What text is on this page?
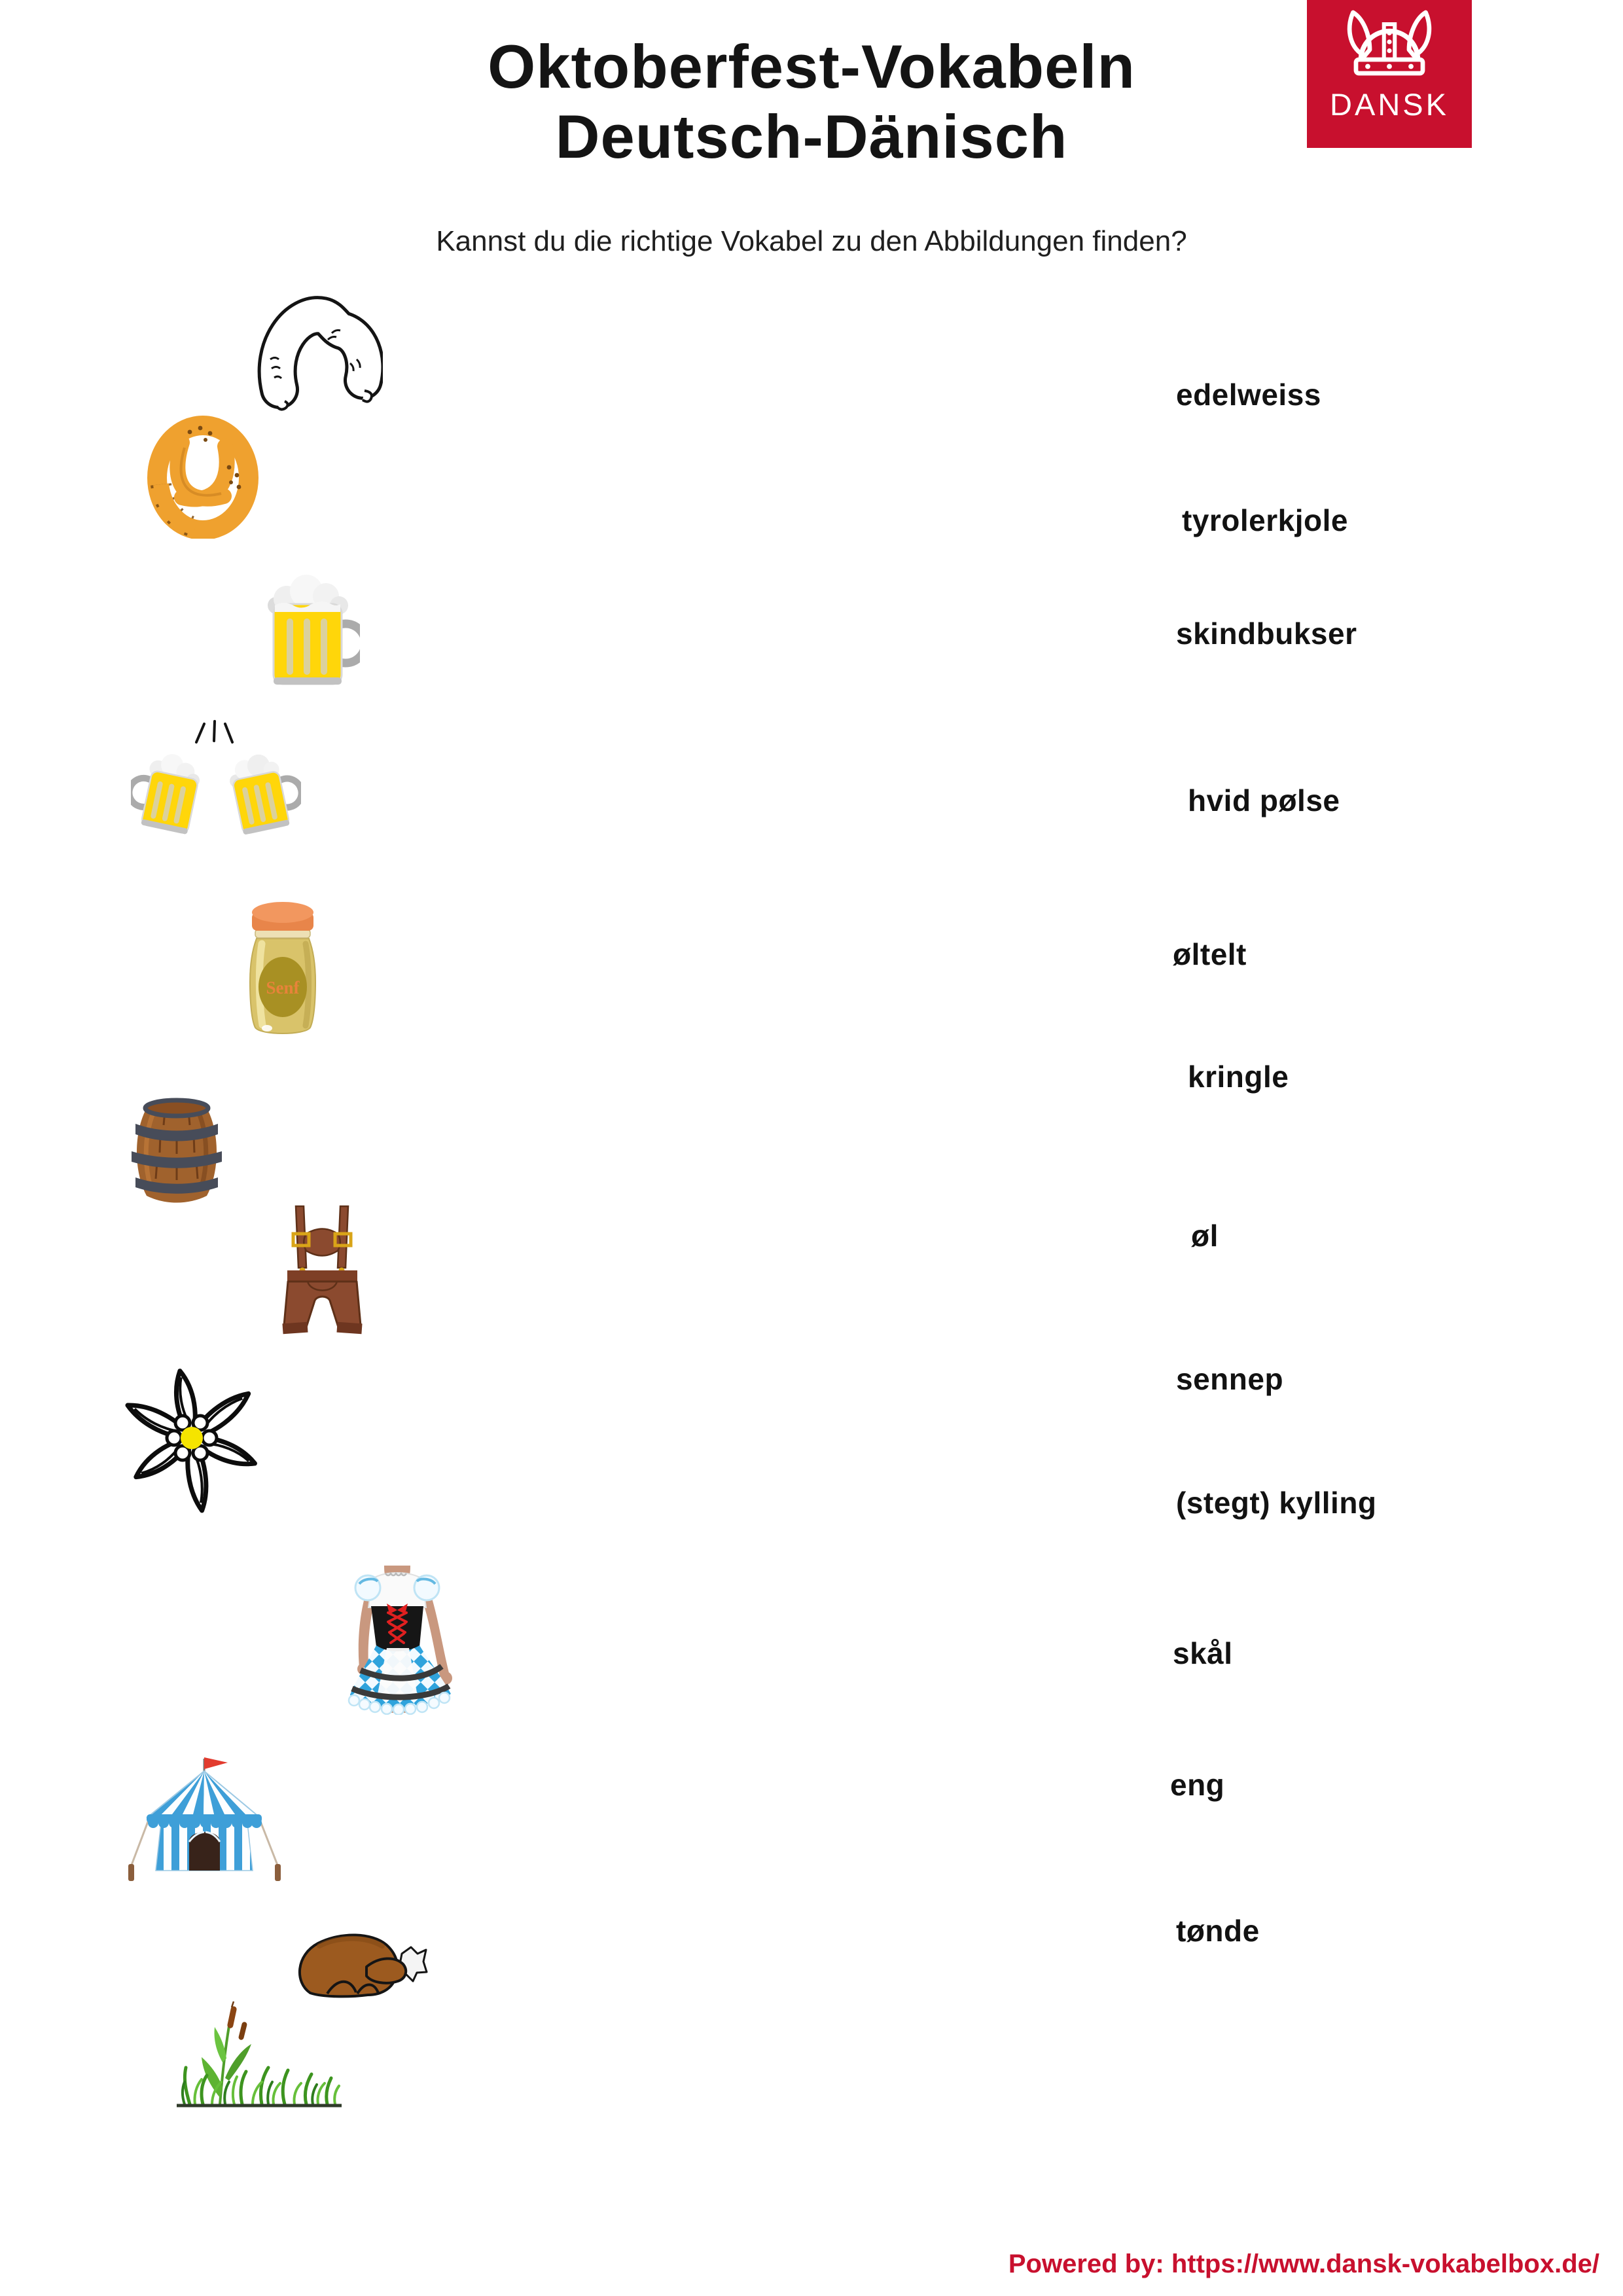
Oktoberfest-Vokabeln
Deutsch-Dänisch
Kannst du die richtige Vokabel zu den Abbildungen finden?
DANSK
edelweiss
tyrolerkjole
skindbukser
hvid pølse
øltelt
kringle
øl
sennep
(stegt) kylling
skål
eng
tønde
Senf
Powered by: https://www.dansk-vokabelbox.de/
